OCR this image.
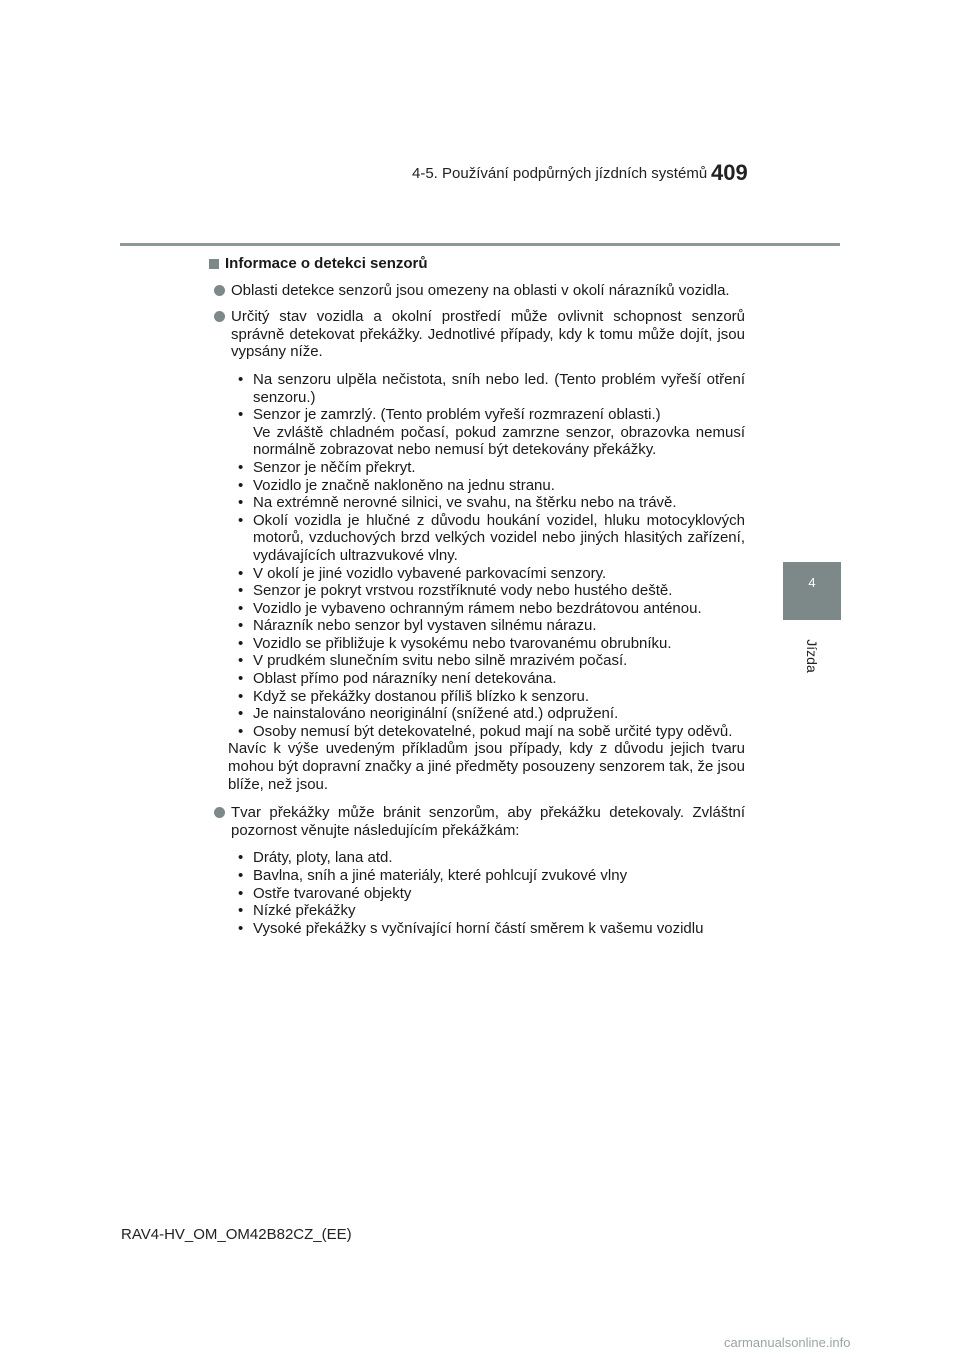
4-5. Používání podpůrných jízdních systémů 409
4
Jízda
Informace o detekci senzorů
Oblasti detekce senzorů jsou omezeny na oblasti v okolí nárazníků vozidla.
Určitý stav vozidla a okolní prostředí může ovlivnit schopnost senzorů správně detekovat překážky. Jednotlivé případy, kdy k tomu může dojít, jsou vypsány níže.
• Na senzoru ulpěla nečistota, sníh nebo led. (Tento problém vyřeší otření senzoru.)
• Senzor je zamrzlý. (Tento problém vyřeší rozmrazení oblasti.)
Ve zvláště chladném počasí, pokud zamrzne senzor, obrazovka nemusí normálně zobrazovat nebo nemusí být detekovány překážky.
• Senzor je něčím překryt.
• Vozidlo je značně nakloněno na jednu stranu.
• Na extrémně nerovné silnici, ve svahu, na štěrku nebo na trávě.
• Okolí vozidla je hlučné z důvodu houkání vozidel, hluku motocyklových motorů, vzduchových brzd velkých vozidel nebo jiných hlasitých zařízení, vydávajících ultrazvukové vlny.
• V okolí je jiné vozidlo vybavené parkovacími senzory.
• Senzor je pokryt vrstvou rozstříknuté vody nebo hustého deště.
• Vozidlo je vybaveno ochranným rámem nebo bezdrátovou anténou.
• Nárazník nebo senzor byl vystaven silnému nárazu.
• Vozidlo se přibližuje k vysokému nebo tvarovanému obrubníku.
• V prudkém slunečním svitu nebo silně mrazivém počasí.
• Oblast přímo pod nárazníky není detekována.
• Když se překážky dostanou příliš blízko k senzoru.
• Je nainstalováno neoriginální (snížené atd.) odpružení.
• Osoby nemusí být detekovatelné, pokud mají na sobě určité typy oděvů.
Navíc k výše uvedeným příkladům jsou případy, kdy z důvodu jejich tvaru mohou být dopravní značky a jiné předměty posouzeny senzorem tak, že jsou blíže, než jsou.
Tvar překážky může bránit senzorům, aby překážku detekovaly. Zvláštní pozornost věnujte následujícím překážkám:
• Dráty, ploty, lana atd.
• Bavlna, sníh a jiné materiály, které pohlcují zvukové vlny
• Ostře tvarované objekty
• Nízké překážky
• Vysoké překážky s vyčnívající horní částí směrem k vašemu vozidlu
RAV4-HV_OM_OM42B82CZ_(EE)
carmanualsonline.info
